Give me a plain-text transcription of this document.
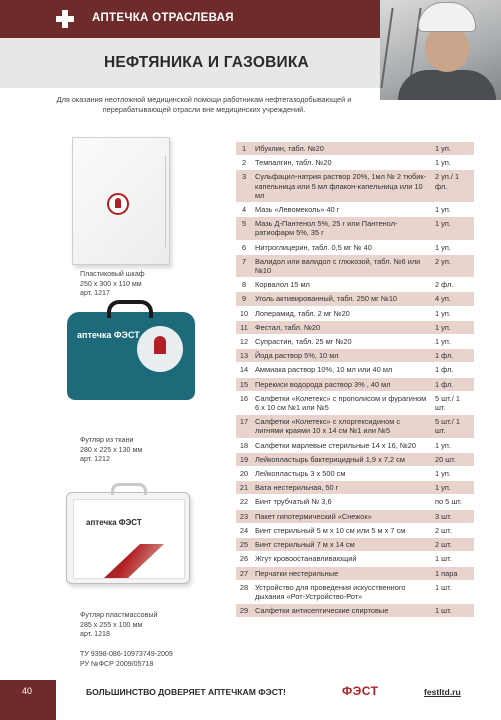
АПТЕЧКА ОТРАСЛЕВАЯ
НЕФТЯНИКА И ГАЗОВИКА
Для оказания неотложной медицинской помощи работникам нефтегазодобывающей и перерабатывающей отрасли вне медицинских учреждений.
Пластиковый шкаф
250 х 300 х 110 мм
арт. 1217
аптечка ФЭСТ
Футляр из ткани
280 х 225 х 130 мм
арт. 1212
аптечка ФЭСТ
Футляр пластмассовый
285 х 255 х 100 мм
арт. 1218
ТУ 9398-086-10973749-2009
РУ №ФСР 2009/05718
1	Ибуклин, табл. №20	1 уп.
2	Темпалгин, табл. №20	1 уп.
3	Сульфацил-натрия раствор 20%, 1мл № 2 тюбик-капельница или 5 мл флакон-капельница или 10 мл	2 уп./ 1 фл.
4	Мазь «Левомеколь» 40 г	1 уп.
5	Мазь Д-Пантенол 5%, 25 г или Пантенол-ратиофарм 5%, 35 г	1 уп.
6	Нитроглицерин, табл. 0,5 мг № 40	1 уп.
7	Валидол или валидол с глюкозой, табл. №6 или №10	2 уп.
8	Корвалол 15 мл	2 фл.
9	Уголь активированный, табл. 250 мг №10	4 уп.
10	Лоперамид, табл. 2 мг №20	1 уп.
11	Фестал, табл. №20	1 уп.
12	Супрастин, табл. 25 мг №20	1 уп.
13	Йода раствор 5%, 10 мл	1 фл.
14	Аммиака раствор 10%, 10 мл или 40 мл	1 фл.
15	Перекиси водорода раствор 3% , 40 мл	1 фл.
16	Салфетки «Колетекс» с прополисом и фурагином 6 х 10 см №1 или №5	5 шт./ 1 шт.
17	Салфетки «Колетекс» с хлоргексидином с лигнями краями 10 х 14 см №1 или №5	5 шт./ 1 шт.
18	Салфетки марлевые стерильные 14 х 16, №20	1 уп.
19	Лейкопластырь бактерицидный 1,9 х 7,2 см	20 шт.
20	Лейкопластырь 3 х 500 см	1 уп.
21	Вата нестерильная, 50 г	1 уп.
22	Бинт трубчатый № 3,6	по 5 шт.
23	Пакет гипотермический «Снежок»	3 шт.
24	Бинт стерильный 5 м х 10 см или 5 м х 7 см	2 шт.
25	Бинт стерильный 7 м х 14 см	2 шт.
26	Жгут кровоостанавливающий	1 шт.
27	Перчатки нестерильные	1 пара
28	Устройство для проведения искусственного дыхания «Рот-Устройство-Рот»	1 шт.
29	Салфетки антисептические спиртовые	1 шт.
40	БОЛЬШИНСТВО ДОВЕРЯЕТ АПТЕЧКАМ ФЭСТ!	ФЭСТ	festltd.ru
